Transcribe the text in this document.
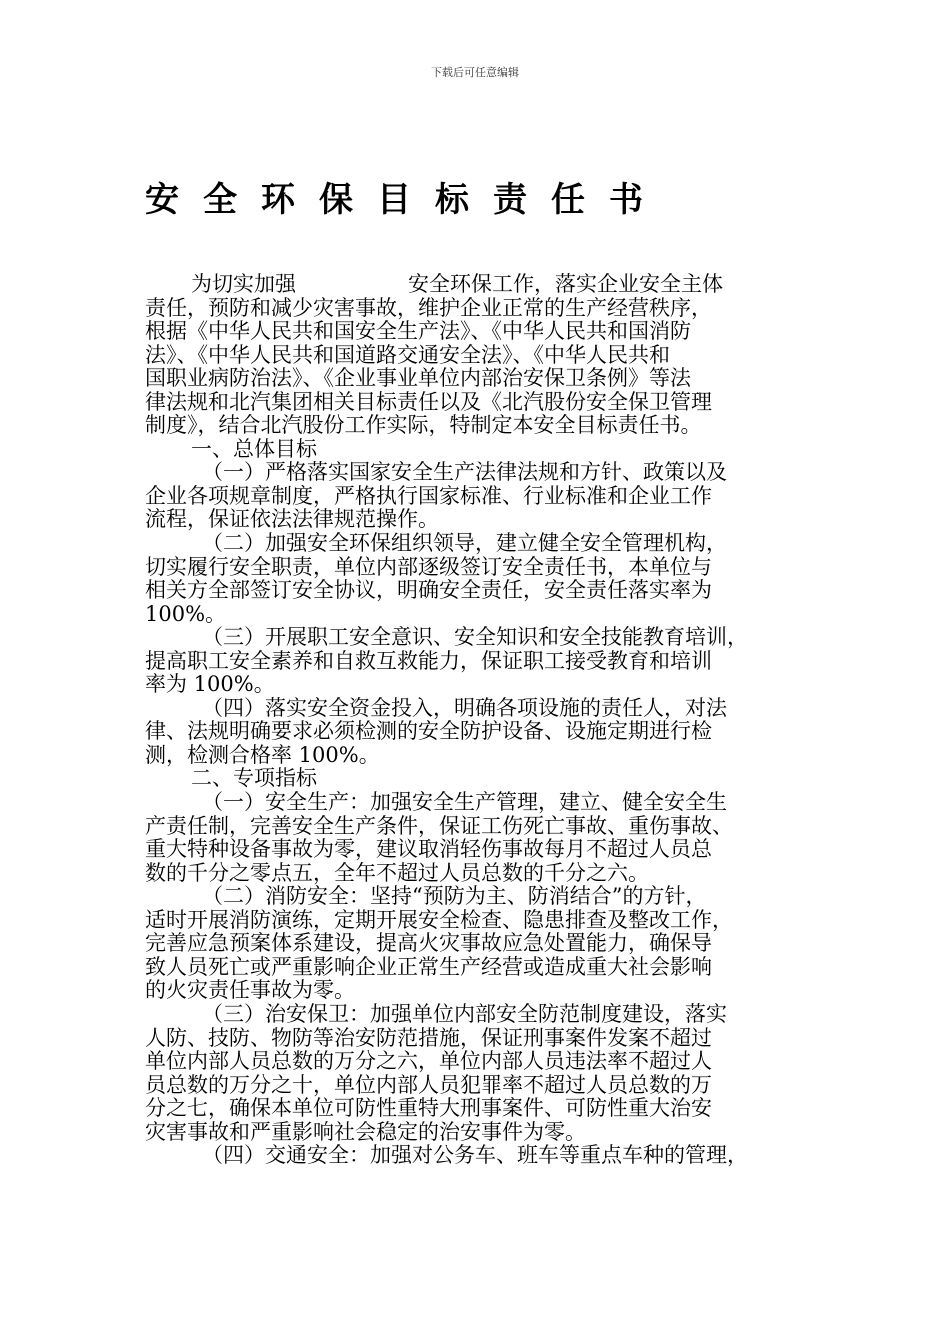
下载后可任意编辑
安全环保目标责任书
为切实加强	安全环保工作，落实企业安全主体
责任，预防和减少灾害事故，维护企业正常的生产经营秩序，
根据《中华人民共和国安全生产法》、《中华人民共和国消防
法》、《中华人民共和国道路交通安全法》、《中华人民共和
国职业病防治法》、《企业事业单位内部治安保卫条例》等法
律法规和北汽集团相关目标责任以及《北汽股份安全保卫管理
制度》，结合北汽股份工作实际，特制定本安全目标责任书。
一、总体目标
（一）严格落实国家安全生产法律法规和方针、政策以及
企业各项规章制度，严格执行国家标准、行业标准和企业工作
流程，保证依法法律规范操作。
（二）加强安全环保组织领导，建立健全安全管理机构，
切实履行安全职责，单位内部逐级签订安全责任书，本单位与
相关方全部签订安全协议，明确安全责任，安全责任落实率为
100%。
（三）开展职工安全意识、安全知识和安全技能教育培训，
提高职工安全素养和自救互救能力，保证职工接受教育和培训
率为 100%。
（四）落实安全资金投入，明确各项设施的责任人，对法
律、法规明确要求必须检测的安全防护设备、设施定期进行检
测，检测合格率 100%。
二、专项指标
（一）安全生产：加强安全生产管理，建立、健全安全生
产责任制，完善安全生产条件，保证工伤死亡事故、重伤事故、
重大特种设备事故为零，建议取消轻伤事故每月不超过人员总
数的千分之零点五，全年不超过人员总数的千分之六。
（二）消防安全：坚持“预防为主、防消结合”的方针，
适时开展消防演练，定期开展安全检查、隐患排查及整改工作，
完善应急预案体系建设，提高火灾事故应急处置能力，确保导
致人员死亡或严重影响企业正常生产经营或造成重大社会影响
的火灾责任事故为零。
（三）治安保卫：加强单位内部安全防范制度建设，落实
人防、技防、物防等治安防范措施，保证刑事案件发案不超过
单位内部人员总数的万分之六，单位内部人员违法率不超过人
员总数的万分之十，单位内部人员犯罪率不超过人员总数的万
分之七，确保本单位可防性重特大刑事案件、可防性重大治安
灾害事故和严重影响社会稳定的治安事件为零。
（四）交通安全：加强对公务车、班车等重点车种的管理，
